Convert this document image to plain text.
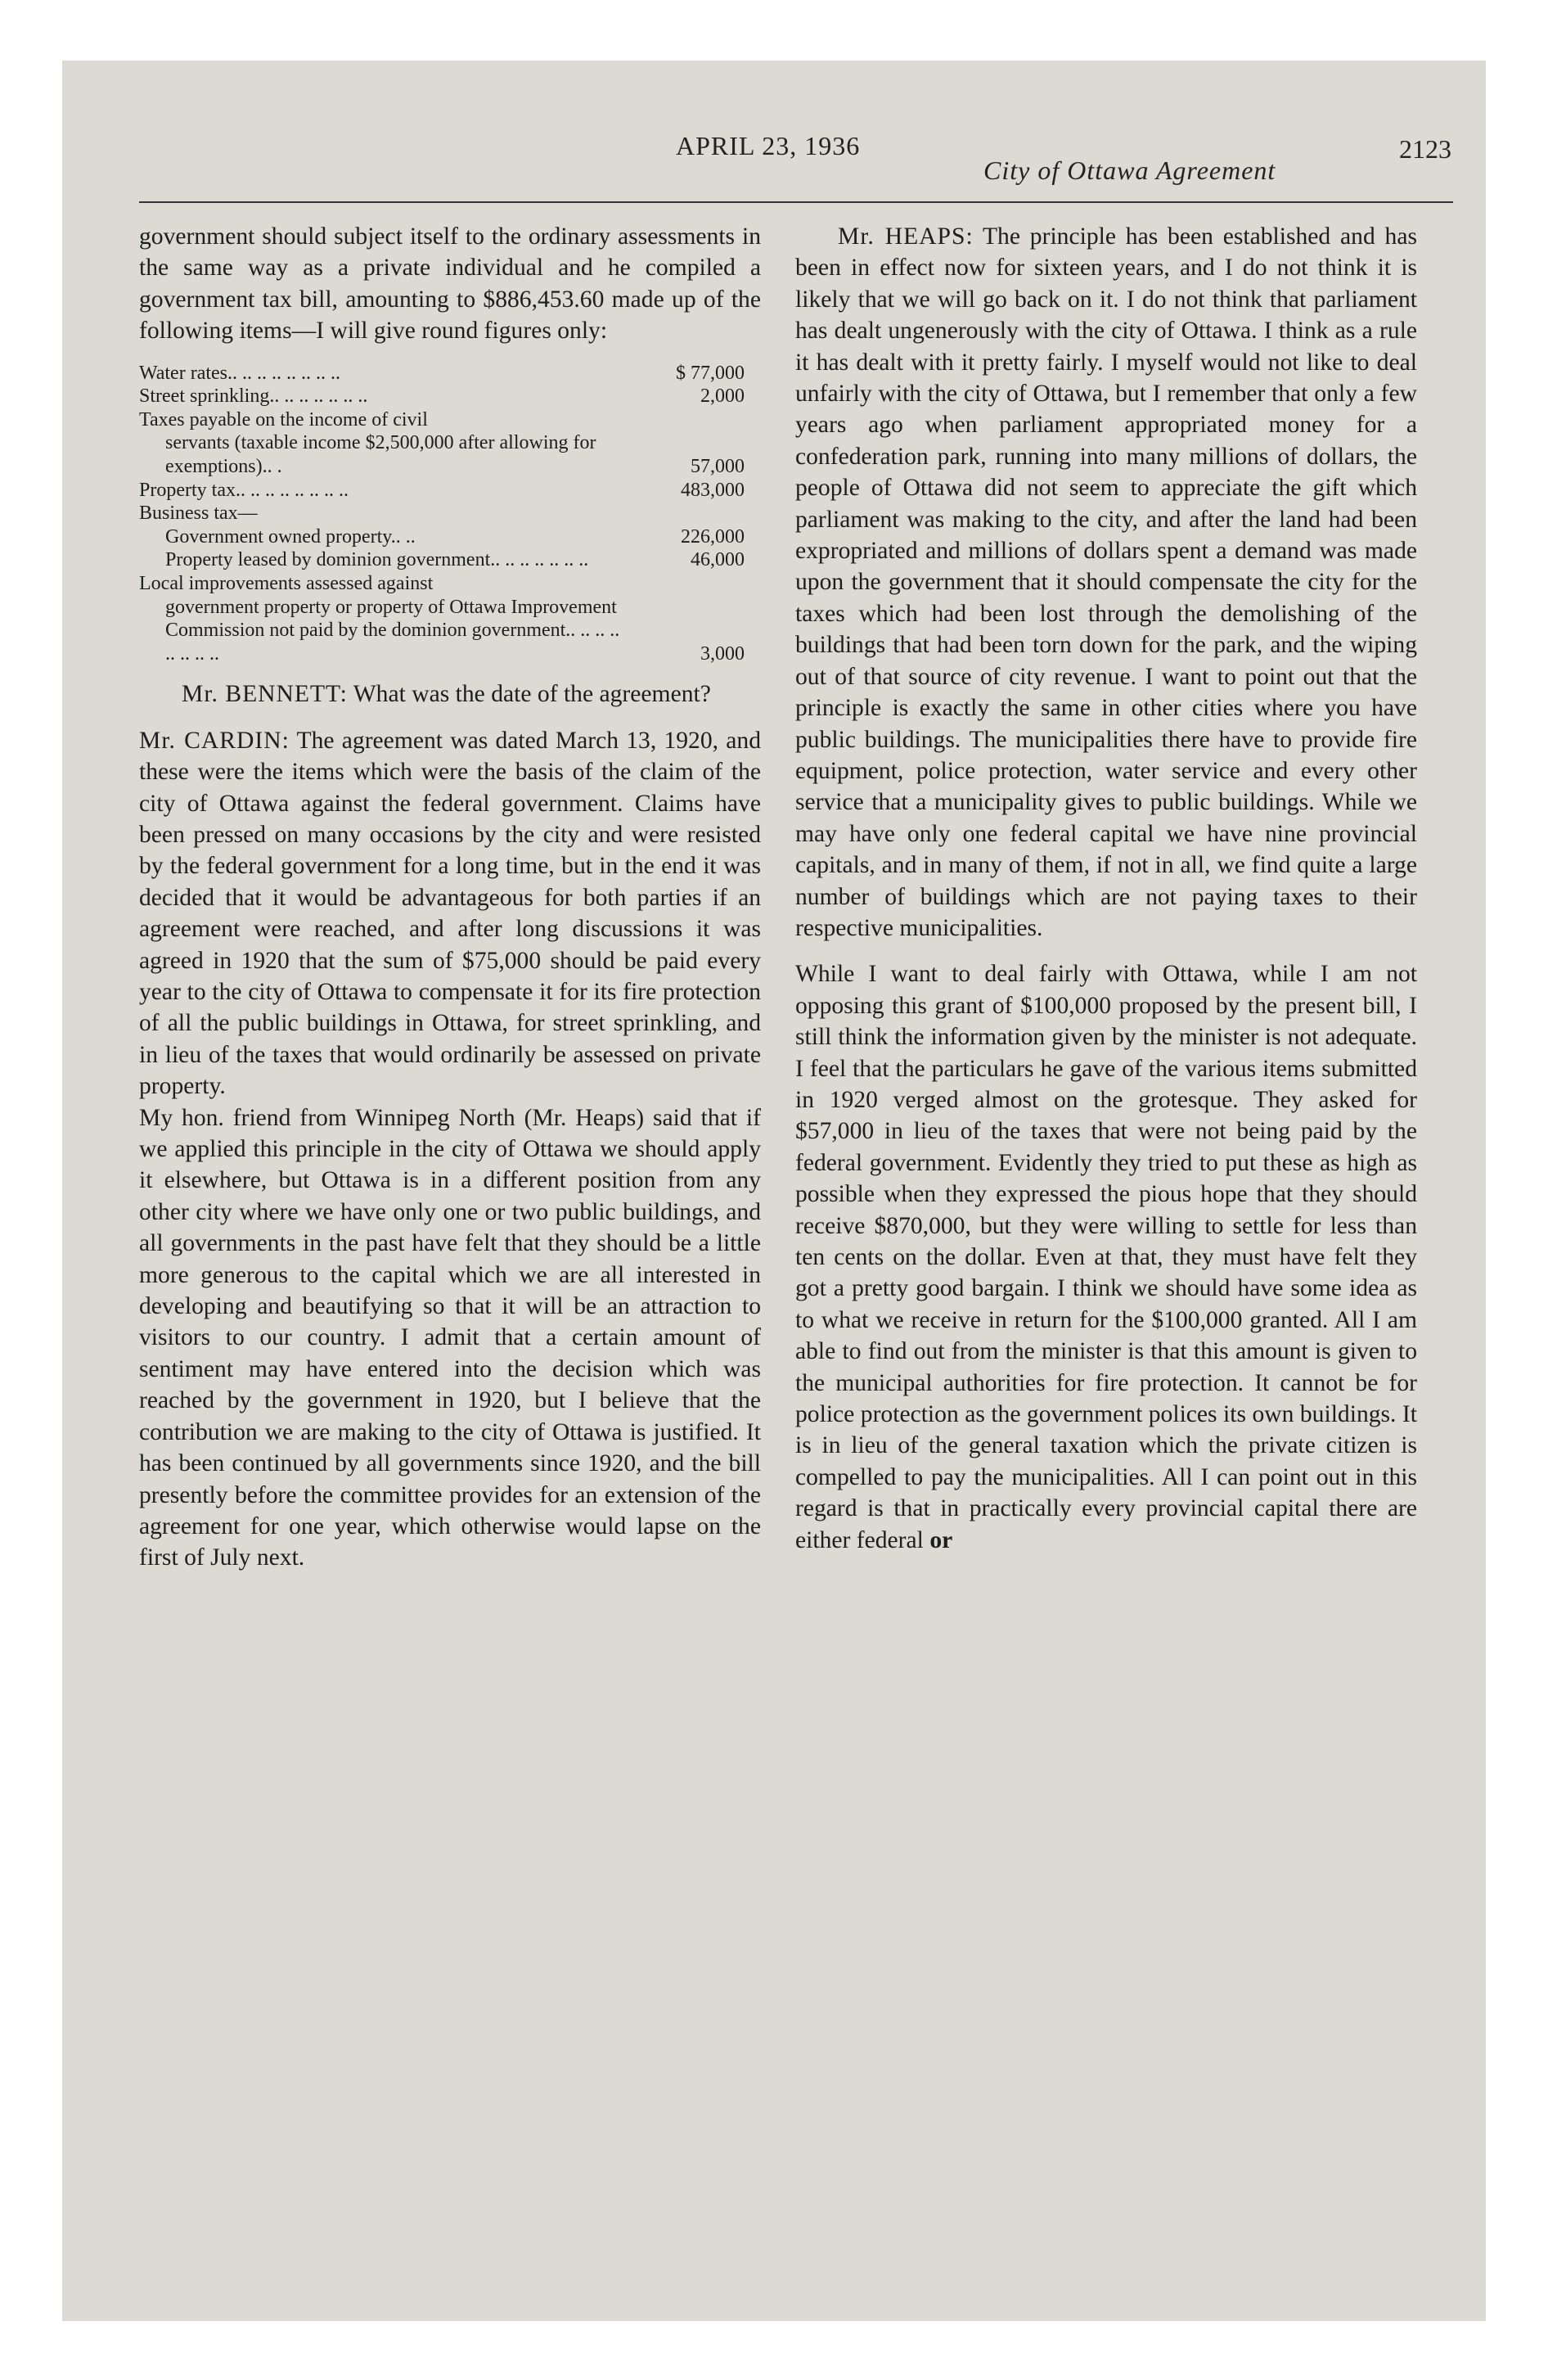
APRIL 23, 1936
City of Ottawa Agreement
2123

government should subject itself to the ordinary assessments in the same way as a private individual and he compiled a government tax bill, amounting to $886,453.60 made up of the following items—I will give round figures only:

Water rates.. .. .. .. .. .. .. ..	$ 77,000
Street sprinkling.. .. .. .. .. .. ..	2,000
Taxes payable on the income of civil
servants (taxable income $2,500,000 after allowing for exemptions).. .	57,000
Property tax.. .. .. .. .. .. .. ..	483,000
Business tax—
Government owned property.. ..	226,000
Property leased by dominion government.. .. .. .. .. .. ..	46,000
Local improvements assessed against
government property or property of Ottawa Improvement Commission not paid by the dominion government.. .. .. .. .. .. .. ..	3,000

Mr. BENNETT: What was the date of the agreement?

Mr. CARDIN: The agreement was dated March 13, 1920, and these were the items which were the basis of the claim of the city of Ottawa against the federal government. Claims have been pressed on many occasions by the city and were resisted by the federal government for a long time, but in the end it was decided that it would be advantageous for both parties if an agreement were reached, and after long discussions it was agreed in 1920 that the sum of $75,000 should be paid every year to the city of Ottawa to compensate it for its fire protection of all the public buildings in Ottawa, for street sprinkling, and in lieu of the taxes that would ordinarily be assessed on private property.

My hon. friend from Winnipeg North (Mr. Heaps) said that if we applied this principle in the city of Ottawa we should apply it elsewhere, but Ottawa is in a different position from any other city where we have only one or two public buildings, and all governments in the past have felt that they should be a little more generous to the capital which we are all interested in developing and beautifying so that it will be an attraction to visitors to our country. I admit that a certain amount of sentiment may have entered into the decision which was reached by the government in 1920, but I believe that the contribution we are making to the city of Ottawa is justified. It has been continued by all governments since 1920, and the bill presently before the committee provides for an extension of the agreement for one year, which otherwise would lapse on the first of July next.

Mr. HEAPS: The principle has been established and has been in effect now for sixteen years, and I do not think it is likely that we will go back on it. I do not think that parliament has dealt ungenerously with the city of Ottawa. I think as a rule it has dealt with it pretty fairly. I myself would not like to deal unfairly with the city of Ottawa, but I remember that only a few years ago when parliament appropriated money for a confederation park, running into many millions of dollars, the people of Ottawa did not seem to appreciate the gift which parliament was making to the city, and after the land had been expropriated and millions of dollars spent a demand was made upon the government that it should compensate the city for the taxes which had been lost through the demolishing of the buildings that had been torn down for the park, and the wiping out of that source of city revenue. I want to point out that the principle is exactly the same in other cities where you have public buildings. The municipalities there have to provide fire equipment, police protection, water service and every other service that a municipality gives to public buildings. While we may have only one federal capital we have nine provincial capitals, and in many of them, if not in all, we find quite a large number of buildings which are not paying taxes to their respective municipalities.

While I want to deal fairly with Ottawa, while I am not opposing this grant of $100,000 proposed by the present bill, I still think the information given by the minister is not adequate. I feel that the particulars he gave of the various items submitted in 1920 verged almost on the grotesque. They asked for $57,000 in lieu of the taxes that were not being paid by the federal government. Evidently they tried to put these as high as possible when they expressed the pious hope that they should receive $870,000, but they were willing to settle for less than ten cents on the dollar. Even at that, they must have felt they got a pretty good bargain. I think we should have some idea as to what we receive in return for the $100,000 granted. All I am able to find out from the minister is that this amount is given to the municipal authorities for fire protection. It cannot be for police protection as the government polices its own buildings. It is in lieu of the general taxation which the private citizen is compelled to pay the municipalities. All I can point out in this regard is that in practically every provincial capital there are either federal or
